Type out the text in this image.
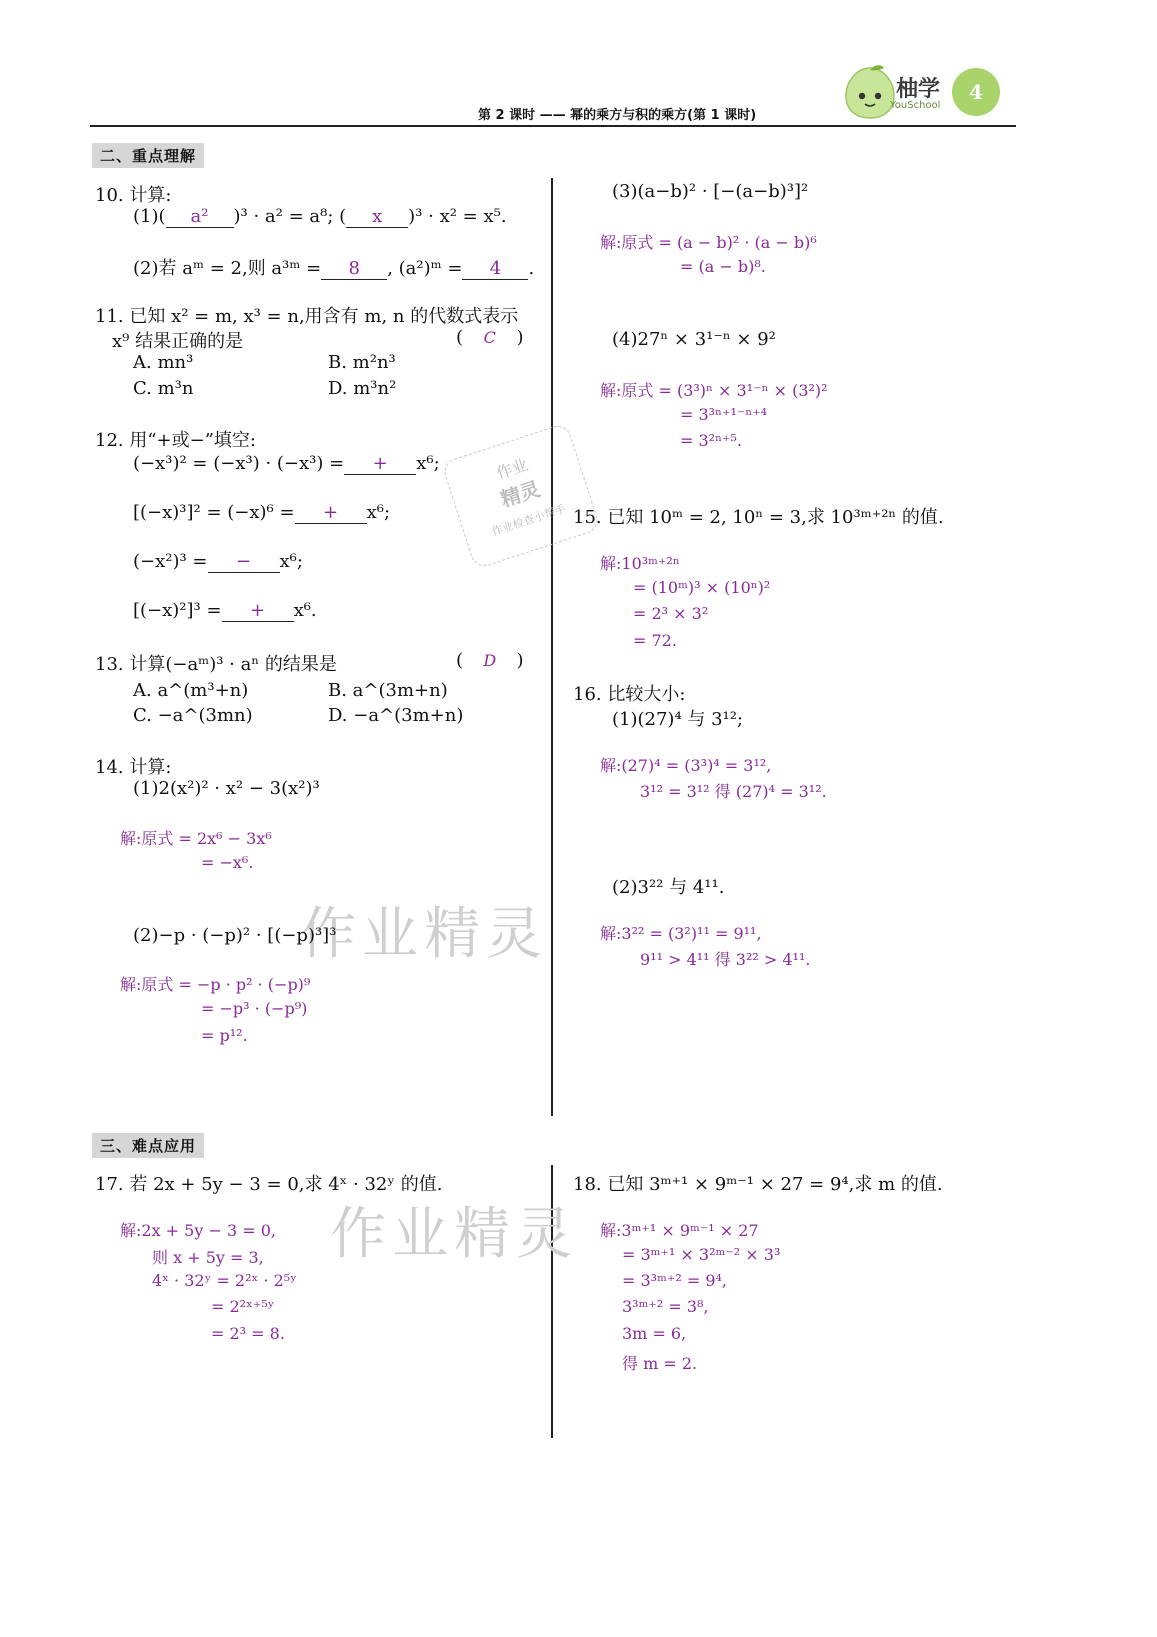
第 2 课时 —— 幂的乘方与积的乘方(第 1 课时)
柚学
YouSchool
4
二、重点理解
作业精灵
作业精灵
作业
精灵
作业检查小帮手
10. 计算:
(1)( a² )³ · a² = a⁸; ( x )³ · x² = x⁵.
(2)若 aᵐ = 2,则 a³ᵐ = 8 , (a²)ᵐ = 4 .
11. 已知 x² = m, x³ = n,用含有 m, n 的代数式表示
x⁹ 结果正确的是	( C )
A. mn³	B. m²n³
C. m³n	D. m³n²
12. 用“+或−”填空:
(−x³)² = (−x³) · (−x³) = + x⁶;
[(−x)³]² = (−x)⁶ = + x⁶;
(−x²)³ = − x⁶;
[(−x)²]³ = + x⁶.
13. 计算(−aᵐ)³ · aⁿ 的结果是	( D )
A. a^(m³+n)	B. a^(3m+n)
C. −a^(3mn)	D. −a^(3m+n)
14. 计算:
(1)2(x²)² · x² − 3(x²)³
解:原式 = 2x⁶ − 3x⁶
= −x⁶.
(2)−p · (−p)² · [(−p)³]³
解:原式 = −p · p² · (−p)⁹
= −p³ · (−p⁹)
= p¹².
(3)(a−b)² · [−(a−b)³]²
解:原式 = (a − b)² · (a − b)⁶
= (a − b)⁸.
(4)27ⁿ × 3¹⁻ⁿ × 9²
解:原式 = (3³)ⁿ × 3¹⁻ⁿ × (3²)²
= 3³ⁿ⁺¹⁻ⁿ⁺⁴
= 3²ⁿ⁺⁵.
15. 已知 10ᵐ = 2, 10ⁿ = 3,求 10³ᵐ⁺²ⁿ 的值.
解:10³ᵐ⁺²ⁿ
= (10ᵐ)³ × (10ⁿ)²
= 2³ × 3²
= 72.
16. 比较大小:
(1)(27)⁴ 与 3¹²;
解:(27)⁴ = (3³)⁴ = 3¹²,
3¹² = 3¹² 得 (27)⁴ = 3¹².
(2)3²² 与 4¹¹.
解:3²² = (3²)¹¹ = 9¹¹,
9¹¹ > 4¹¹ 得 3²² > 4¹¹.
三、难点应用
17. 若 2x + 5y − 3 = 0,求 4ˣ · 32ʸ 的值.
解:2x + 5y − 3 = 0,
则 x + 5y = 3,
4ˣ · 32ʸ = 2²ˣ · 2⁵ʸ
= 2²ˣ⁺⁵ʸ
= 2³ = 8.
18. 已知 3ᵐ⁺¹ × 9ᵐ⁻¹ × 27 = 9⁴,求 m 的值.
解:3ᵐ⁺¹ × 9ᵐ⁻¹ × 27
= 3ᵐ⁺¹ × 3²ᵐ⁻² × 3³
= 3³ᵐ⁺² = 9⁴,
3³ᵐ⁺² = 3⁸,
3m = 6,
得 m = 2.
